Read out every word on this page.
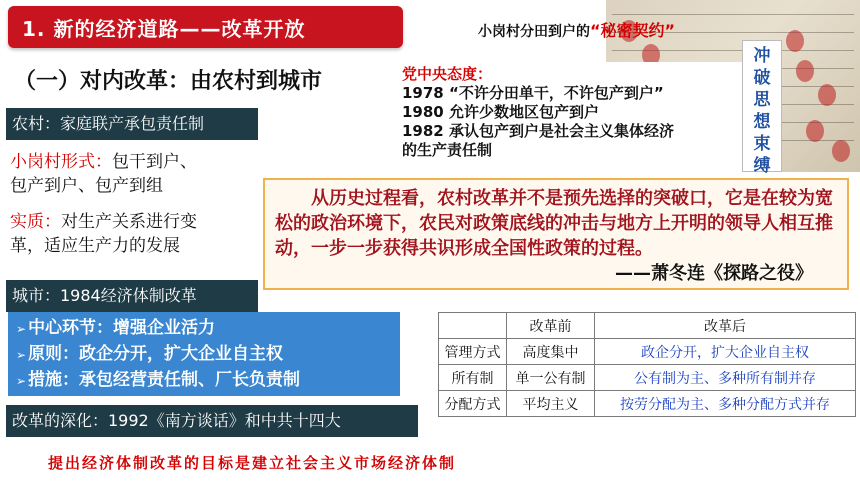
1. 新的经济道路——改革开放
（一）对内改革：由农村到城市
农村：家庭联产承包责任制
小岗村形式：包干到户、
包产到户、包产到组
实质：对生产关系进行变
革，适应生产力的发展
城市：1984经济体制改革
➢ 中心环节：增强企业活力
➢ 原则：政企分开，扩大企业自主权
➢ 措施：承包经营责任制、厂长负责制
改革的深化：1992《南方谈话》和中共十四大
提出经济体制改革的目标是建立社会主义市场经济体制
小岗村分田到户的“秘密契约”
冲
破
思
想
束
缚
党中央态度：
1978 “不许分田单干，不许包产到户”
1980 允许少数地区包产到户
1982 承认包产到户是社会主义集体经济
的生产责任制
从历史过程看，农村改革并不是预先选择的突破口，它是在较为宽松的政治环境下，农民对政策底线的冲击与地方上开明的领导人相互推动，一步一步获得共识形成全国性政策的过程。
——萧冬连《探路之役》
	改革前	改革后
管理方式	高度集中	政企分开，扩大企业自主权
所有制	单一公有制	公有制为主、多种所有制并存
分配方式	平均主义	按劳分配为主、多种分配方式并存
